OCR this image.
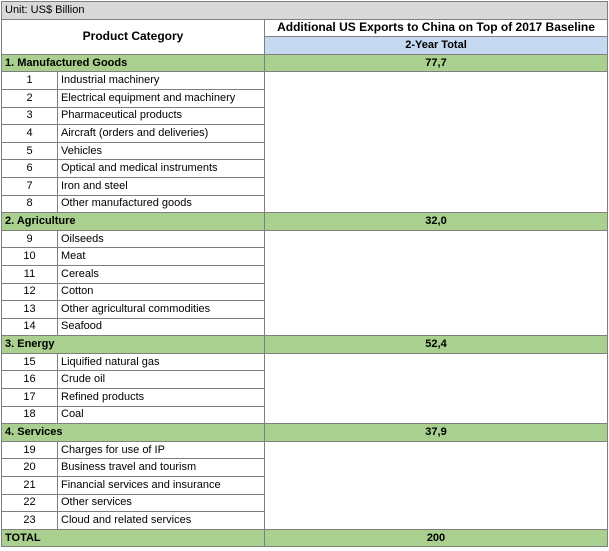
Unit: US$ Billion		
Product Category		Additional US Exports to China on Top of 2017 Baseline
		2-Year Total
1. Manufactured Goods		77,7
1	Industrial machinery	
2	Electrical equipment and machinery	
3	Pharmaceutical products	
4	Aircraft (orders and deliveries)	
5	Vehicles	
6	Optical and medical instruments	
7	Iron and steel	
8	Other manufactured goods	
2. Agriculture		32,0
9	Oilseeds	
10	Meat	
11	Cereals	
12	Cotton	
13	Other agricultural commodities	
14	Seafood	
3. Energy		52,4
15	Liquified natural gas	
16	Crude oil	
17	Refined products	
18	Coal	
4. Services		37,9
19	Charges for use of IP	
20	Business travel and tourism	
21	Financial services and insurance	
22	Other services	
23	Cloud and related services	
TOTAL		200
